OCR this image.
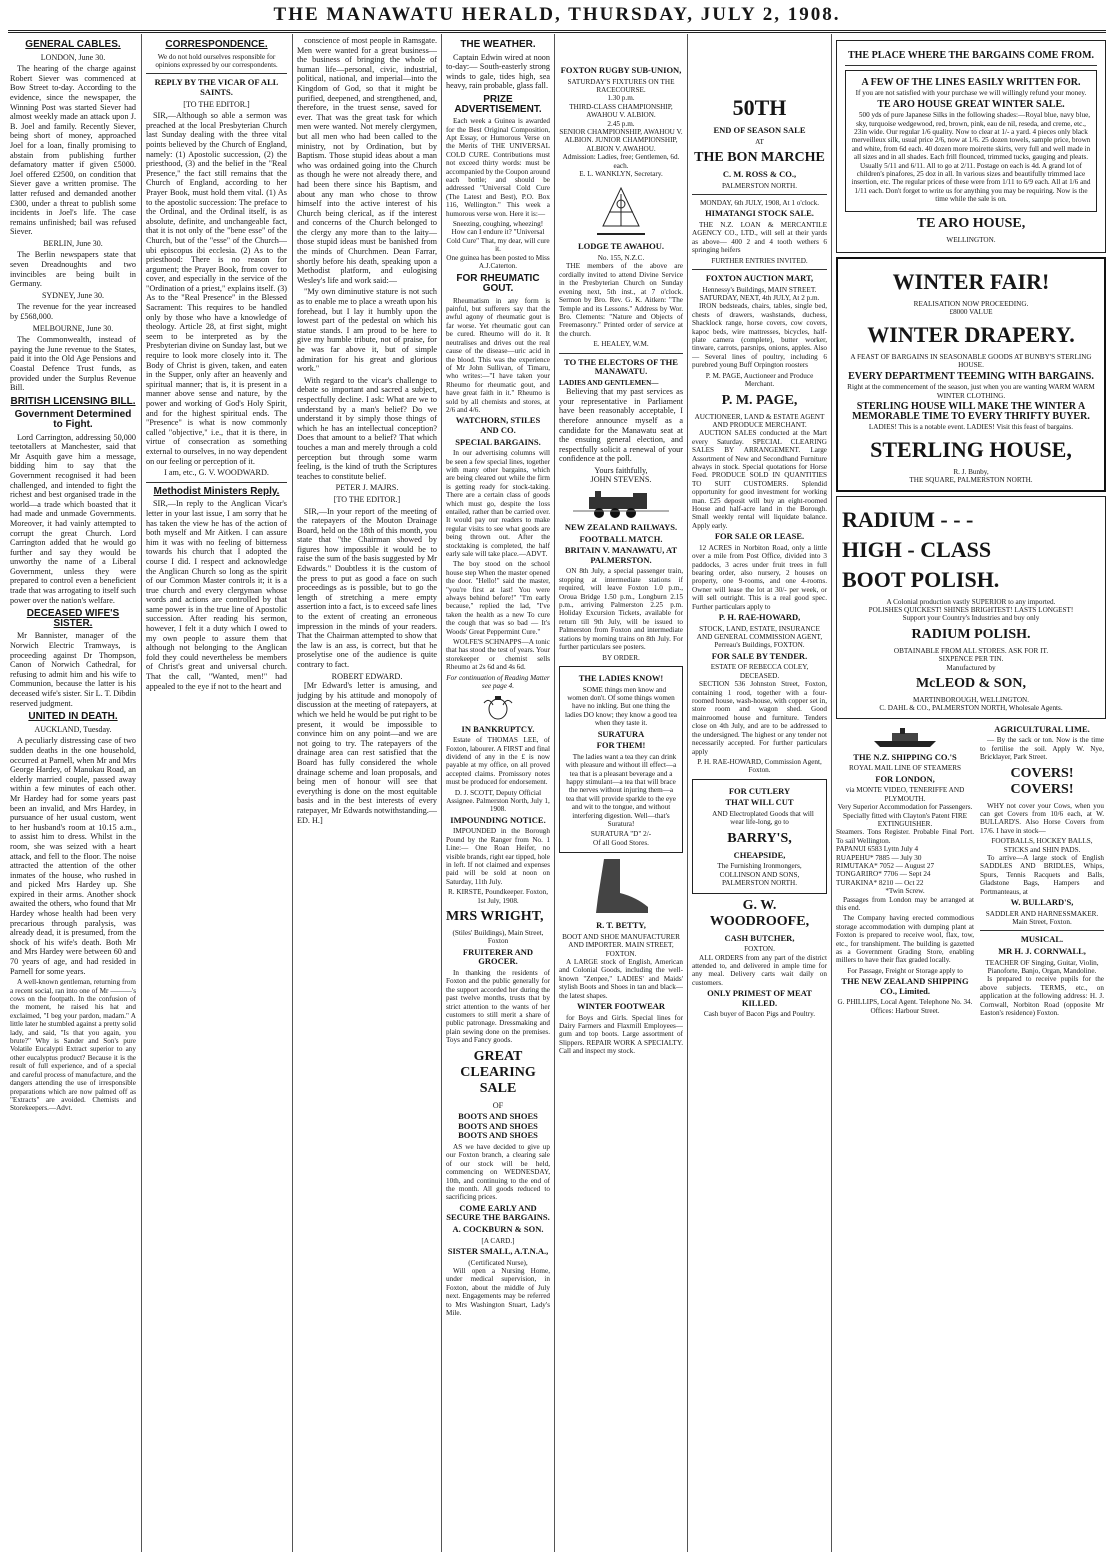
THE MANAWATU HERALD, THURSDAY, JULY 2, 1908.
GENERAL CABLES.
LONDON, June 30.

The hearing of the charge against Robert Siever was commenced at Bow Street to-day. According to the evidence, since the newspaper, the Winning Post was started Siever had almost weekly made an attack upon J. B. Joel and family. Recently Siever, being short of money, approached Joel for a loan, finally promising to abstain from publishing further defamatory matter if given £5000. Joel offered £2500, on condition that Siever gave a written promise. The latter refused and demanded another £300, under a threat to publish some incidents in Joel's life. The case remains unfinished; bail was refused Siever.

BERLIN, June 30.

The Berlin newspapers state that seven Dreadnoughts and two invincibles are being built in Germany.

SYDNEY, June 30.

The revenue for the year increased by £568,000.

MELBOURNE, June 30.

The Commonwealth, instead of paying the June revenue to the States, paid it into the Old Age Pensions and Coastal Defence Trust funds, as provided under the Surplus Revenue Bill.

BRITISH LICENSING BILL.
Government Determined to Fight.

Lord Carrington, addressing 50,000 teetotallers at Manchester, said that Mr Asquith gave him a message, bidding him to say that the Government recognised it had been challenged, and intended to fight the richest and best organised trade in the world—a trade which boasted that it had made and unmade Governments. Moreover, it had vainly attempted to corrupt the great Church. Lord Carrington added that he would go further and say they would be unworthy the name of a Liberal Government, unless they were prepared to control even a beneficient trade that was arrogating to itself such power over the nation's welfare.

DECEASED WIFE'S SISTER.

Mr Bannister, manager of the Norwich Electric Tramways, is proceeding against Dr Thompson, Canon of Norwich Cathedral, for refusing to admit him and his wife to Communion, because the latter is his deceased wife's sister. Sir L. T. Dibdin reserved judgment.

UNITED IN DEATH.
AUCKLAND, Tuesday.

A peculiarly distressing case of two sudden deaths in the one household, occurred at Parnell, when Mr and Mrs George Hardey, of Manukau Road, an elderly married couple, passed away within a few minutes of each other. Mr Hardey had for some years past been an invalid, and Mrs Hardey, in pursuance of her usual custom, went to her husband's room at 10.15 a.m., to assist him to dress. Whilst in the room, she was seized with a heart attack, and fell to the floor. The noise attracted the attention of the other inmates of the house, who rushed in and picked Mrs Hardey up. She expired in their arms. Another shock awaited the others, who found that Mr Hardey whose health had been very precarious through paralysis, was already dead, it is presumed, from the shock of his wife's death. Both Mr and Mrs Hardey were between 60 and 70 years of age, and had resided in Parnell for some years.

A well-known gentleman, returning from a recent social, ran into one of Mr ———'s cows on the footpath. In the confusion of the moment, he raised his hat and exclaimed, "I beg your pardon, madam." A little later he stumbled against a pretty solid lady, and said, "Is that you again, you brute?" Why is Sander and Son's pure Volatile Eucalypti Extract superior to any other eucalyptus product? Because it is the result of full experience, and of a special and careful process of manufacture, and the dangers attending the use of irresponsible preparations which are now palmed off as "Extracts" are avoided. Chemists and Storekeepers.—Advt.

CORRESPONDENCE.
We do not hold ourselves responsible for opinions expressed by our correspondents.
REPLY BY THE VICAR OF ALL SAINTS.
[TO THE EDITOR.]

SIR,—Although so able a sermon was preached at the local Presbyterian Church last Sunday dealing with the three vital points believed by the Church of England, namely: (1) Apostolic succession, (2) the priesthood, (3) and the belief in the "Real Presence," the fact still remains that the Church of England, according to her Prayer Book, must hold them vital. (1) As to the apostolic succession: The preface to the Ordinal, and the Ordinal itself, is as absolute, definite, and unchangeable fact, that it is not only of the "bene esse" of the Church, but of the "esse" of the Church—ubi episcopus ibi ecclesia. (2) As to the priesthood: There is no reason for argument; the Prayer Book, from cover to cover, and especially in the service of the "Ordination of a priest," explains itself. (3) As to the "Real Presence" in the Blessed Sacrament: This requires to be handled only by those who have a knowledge of theology. Article 28, at first sight, might seem to be interpreted as by the Presbyterian divine on Sunday last, but we require to look more closely into it. The Body of Christ is given, taken, and eaten in the Supper, only after an heavenly and spiritual manner; that is, it is present in a manner above sense and nature, by the power and working of God's Holy Spirit, and for the highest spiritual ends. The "Presence" is what is now commonly called "objective," i.e., that it is there, in virtue of consecration as something external to ourselves, in no way dependent on our feeling or perception of it.

I am, etc., G. V. WOODWARD.
Methodist Ministers Reply.

SIR,—In reply to the Anglican Vicar's letter in your last issue, I am sorry that he has taken the view he has of the action of both myself and Mr Aitken. I can assure him it was with no feeling of bitterness towards his church that I adopted the course I did. I respect and acknowledge the Anglican Church so long as the spirit of our Common Master controls it; it is a true church and every clergyman whose words and actions are controlled by that same power is in the true line of Apostolic succession. After reading his sermon, however, I felt it a duty which I owed to my own people to assure them that although not belonging to the Anglican fold they could nevertheless be members of Christ's great and universal church. That the call, "Wanted, men!" had appealed to the eye if not to the heart and

conscience of most people in Ramsgate. Men were wanted for a great business—the business of bringing the whole of human life—personal, civic, industrial, political, national, and imperial—into the Kingdom of God, so that it might be purified, deepened, and strengthened, and, therefore, in the truest sense, saved for ever. That was the great task for which men were wanted. Not merely clergymen, but all men who had been called to the ministry, not by Ordination, but by Baptism. Those stupid ideas about a man who was ordained going into the Church as though he were not already there, and had been there since his Baptism, and about any man who chose to throw himself into the active interest of his Church being clerical, as if the interest and concerns of the Church belonged to the clergy any more than to the laity—those stupid ideas must be banished from the minds of Churchmen. Dean Farrar, shortly before his death, speaking upon a Methodist platform, and eulogising Wesley's life and work said:—

"My own diminutive stature is not such as to enable me to place a wreath upon his forehead, but I lay it humbly upon the lowest part of the pedestal on which his statue stands. I am proud to be here to give my humble tribute, not of praise, for he was far above it, but of simple admiration for his great and glorious work."

With regard to the vicar's challenge to debate so important and sacred a subject, respectfully decline. I ask: What are we to understand by a man's belief? Do we understand it by simply those things of which he has an intellectual conception? Does that amount to a belief? That which touches a man and merely through a cold perception but through some warm feeling, is the kind of truth the Scriptures teaches to constitute belief.

PETER J. MAJRS.
[TO THE EDITOR.]

SIR,—In your report of the meeting of the ratepayers of the Mouton Drainage Board, held on the 18th of this month, you state that "the Chairman showed by figures how impossible it would be to raise the sum of the basis suggested by Mr Edwards." Doubtless it is the custom of the press to put as good a face on such proceedings as is possible, but to go the length of stretching a mere empty assertion into a fact, is to exceed safe lines to the extent of creating an erroneous impression in the minds of your readers. That the Chairman attempted to show that the law is an ass, is correct, but that he proselytise one of the audience is quite contrary to fact.

ROBERT EDWARD.

[Mr Edward's letter is amusing, and judging by his attitude and monopoly of discussion at the meeting of ratepayers, at which we held he would be put right to be present, it would be impossible to convince him on any point—and we are not going to try. The ratepayers of the drainage area can rest satisfied that the Board has fully considered the whole drainage scheme and loan proposals, and being men of honour will see that everything is done on the most equitable basis and in the best interests of every ratepayer, Mr Edwards notwithstanding.—ED. H.]

THE WEATHER.

Captain Edwin wired at noon to-day:— South-easterly strong winds to gale, tides high, sea heavy, rain probable, glass fall.

PRIZE ADVERTISEMENT.

Each week a Guinea is awarded for the Best Original Composition, Apt Essay, or Humorous Verse on the Merits of THE UNIVERSAL COLD CURE. Contributions must not exceed thirty words: must be accompanied by the Coupon around each bottle; and should be addressed "Universal Cold Cure (The Latest and Best), P.O. Box 116, Wellington." This week a humorous verse won. Here it is:—

Sneezing, coughing, wheezing! How can I endure it? "Universal Cold Cure" That, my dear, will cure it.
One guinea has been posted to Miss A.J.Caterton.
FOR RHEUMATIC GOUT.

Rheumatism in any form is painful, but sufferers say that the awful agony of rheumatic gout is far worse. Yet rheumatic gout can be cured. Rheumo will do it. It neutralises and drives out the real cause of the disease—uric acid in the blood. This was the experience of Mr John Sullivan, of Timaru, who writes:—"I have taken your Rheumo for rheumatic gout, and have great faith in it." Rheumo is sold by all chemists and stores, at 2/6 and 4/6.

WATCHORN, STILES AND CO.
SPECIAL BARGAINS.

In our advertising columns will be seen a few special lines, together with many other bargains, which are being cleared out while the firm is getting ready for stock-taking. There are a certain class of goods which must go, despite the loss entailed, rather than be carried over. It would pay our readers to make regular visits to see what goods are being thrown out. After the stocktaking is completed, the half early sale will take place.—ADVT.

The boy stood on the school house step When the master opened the door. "Hello!" said the master, "you're first at last! You were always behind before!" "I'm early because," replied the lad, "I've taken the health as a new To cure the cough that was so bad — It's Woods' Great Peppermint Cure."

WOLFE'S SCHNAPPS—A tonic that has stood the test of years. Your storekeeper or chemist sells Rheumo at 2s 6d and 4s 6d.

For continuation of Reading Matter see page 4.
IN BANKRUPTCY.

Estate of THOMAS LEE, of Foxton, labourer. A FIRST and final dividend of any in the £ is now payable at my office, on all proved accepted claims. Promissory notes must be produced for endorsement.

D. J. SCOTT, Deputy Official Assignee. Palmerston North, July 1, 1908.
IMPOUNDING NOTICE.

IMPOUNDED in the Borough Pound by the Ranger from No. 1 Line:— One Roan Heifer, no visible brands, right ear tipped, hole in left. If not claimed and expenses paid will be sold at noon on Saturday, 11th July.

R. KIRSTE, Poundkeeper. Foxton, 1st July, 1908.
MRS WRIGHT,
(Stiles' Buildings), Main Street, Foxton
FRUITERER AND GROCER.

In thanking the residents of Foxton and the public generally for the support accorded her during the past twelve months, trusts that by strict attention to the wants of her customers to still merit a share of public patronage. Dressmaking and plain sewing done on the premises. Toys and Fancy goods.

GREAT CLEARING SALE
OF
BOOTS AND SHOES BOOTS AND SHOES BOOTS AND SHOES

AS we have decided to give up our Foxton branch, a clearing sale of our stock will be held, commencing on WEDNESDAY, 10th, and continuing to the end of the month. All goods reduced to sacrificing prices.

COME EARLY AND SECURE THE BARGAINS.
A. COCKBURN & SON.
[A CARD.]
SISTER SMALL, A.T.N.A.,
(Certificated Nurse),

Will open a Nursing Home, under medical supervision, in Foxton, about the middle of July next. Engagements may be referred to Mrs Washington Stuart, Lady's Mile.

FOXTON RUGBY SUB-UNION,
SATURDAY'S FIXTURES ON THE RACECOURSE.
1.30 p.m.
THIRD-CLASS CHAMPIONSHIP, AWAHOU V. ALBION.
2.45 p.m.
SENIOR CHAMPIONSHIP, AWAHOU V. ALBION. JUNIOR CHAMPIONSHIP, ALBION V. AWAHOU.
Admission: Ladies, free; Gentlemen, 6d. each.
E. L. WANKLYN, Secretary.
LODGE TE AWAHOU.
No. 155, N.Z.C.

THE members of the above are cordially invited to attend Divine Service in the Presbyterian Church on Sunday evening next, 5th inst., at 7 o'clock. Sermon by Bro. Rev. G. K. Aitken: "The Temple and its Lessons." Address by Wor. Bro. Clements: "Nature and Objects of Freemasonry." Printed order of service at the church.

E. HEALEY, W.M.
TO THE ELECTORS OF THE MANAWATU.
LADIES AND GENTLEMEN—

Believing that my past services as your representative in Parliament have been reasonably acceptable, I therefore announce myself as a candidate for the Manawatu seat at the ensuing general election, and respectfully solicit a renewal of your confidence at the poll.

Yours faithfully,
JOHN STEVENS.
NEW ZEALAND RAILWAYS.
FOOTBALL MATCH.
BRITAIN V. MANAWATU, AT PALMERSTON.

ON 8th July, a special passenger train, stopping at intermediate stations if required, will leave Foxton 1.0 p.m., Oroua Bridge 1.50 p.m., Longburn 2.15 p.m., arriving Palmerston 2.25 p.m. Holiday Excursion Tickets, available for return till 9th July, will be issued to Palmerston from Foxton and intermediate stations by morning trains on 8th July. For further particulars see posters.

BY ORDER.
THE LADIES KNOW!

SOME things men know and women don't. Of some things women have no inkling. But one thing the ladies DO know; they know a good tea when they taste it.

SURATURA
FOR THEM!

The ladies want a tea they can drink with pleasure and without ill effect—a tea that is a pleasant beverage and a happy stimulant—a tea that will brace the nerves without injuring them—a tea that will provide sparkle to the eye and wit to the tongue, and without interfering digestion. Well—that's Suratura!

SURATURA "D" 2/-
Of all Good Stores.
R. T. BETTY,
BOOT AND SHOE MANUFACTURER AND IMPORTER. MAIN STREET, FOXTON.

A LARGE stock of English, American and Colonial Goods, including the well-known "Zenpee," LADIES' and Maids' stylish Boots and Shoes in tan and black—the latest shapes.

WINTER FOOTWEAR

for Boys and Girls. Special lines for Dairy Farmers and Flaxmill Employees—gum and top boots. Large assortment of Slippers. REPAIR WORK A SPECIALTY. Call and inspect my stock.

50TH
END OF SEASON SALE
AT
THE BON MARCHE
C. M. ROSS & CO.,
PALMERSTON NORTH.
MONDAY, 6th JULY, 1908, At 1 o'clock.
HIMATANGI STOCK SALE.

THE N.Z. LOAN & MERCANTILE AGENCY CO., LTD., will sell at their yards as above— 400 2 and 4 tooth wethers 6 springing heifers

FURTHER ENTRIES INVITED.
FOXTON AUCTION MART,
Hennessy's Buildings, MAIN STREET.
SATURDAY, NEXT, 4th JULY, At 2 p.m.

IRON bedsteads, chairs, tables, single bed, chests of drawers, washstands, duchess, Shacklock range, horse covers, cow covers, kapoc beds, wire mattresses, bicycles, half-plate camera (complete), butter worker, tinware, carrots, parsnips, onions, apples. Also— Several lines of poultry, including 6 purebred young Buff Orpington roosters

P. M. PAGE, Auctioneer and Produce Merchant.
P. M. PAGE,
AUCTIONEER, LAND & ESTATE AGENT AND PRODUCE MERCHANT.

AUCTION SALES conducted at the Mart every Saturday. SPECIAL CLEARING SALES BY ARRANGEMENT. Large Assortment of New and Secondhand Furniture always in stock. Special quotations for Horse Feed. PRODUCE SOLD IN QUANTITIES TO SUIT CUSTOMERS. Splendid opportunity for good investment for working man. £25 deposit will buy an eight-roomed House and half-acre land in the Borough. Small weekly rental will liquidate balance. Apply early.

FOR SALE OR LEASE.

12 ACRES in Norbiton Road, only a little over a mile from Post Office, divided into 3 paddocks, 3 acres under fruit trees in full bearing order, also nursery, 2 houses on property, one 9-rooms, and one 4-rooms. Owner will lease the lot at 30/- per week, or will sell outright. This is a real good spec. Further particulars apply to

P. H. RAE-HOWARD,
STOCK, LAND, ESTATE, INSURANCE AND GENERAL COMMISSION AGENT,
Perreau's Buildings, FOXTON.
FOR SALE BY TENDER.
ESTATE OF REBECCA COLEY, DECEASED.

SECTION 536 Johnston Street, Foxton, containing 1 rood, together with a four-roomed house, wash-house, with copper set in, store room and wagon shed. Good mainroomed house and furniture. Tenders close on 4th July, and are to be addressed to the undersigned. The highest or any tender not necessarily accepted. For further particulars apply

P. H. RAE-HOWARD, Commission Agent, Foxton.
FOR CUTLERY
THAT WILL CUT

AND Electroplated Goods that will wear life-long, go to

BARRY'S,
CHEAPSIDE,
The Furnishing Ironmongers, COLLINSON AND SONS, PALMERSTON NORTH.
G. W. WOODROOFE,
CASH BUTCHER,
FOXTON.

ALL ORDERS from any part of the district attended to, and delivered in ample time for any meal. Delivery carts wait daily on customers.

ONLY PRIMEST OF MEAT KILLED.
Cash buyer of Bacon Pigs and Poultry.
THE PLACE WHERE THE BARGAINS COME FROM.
A FEW OF THE LINES EASILY WRITTEN FOR.
If you are not satisfied with your purchase we will willingly refund your money.
TE ARO HOUSE GREAT WINTER SALE.

500 yds of pure Japanese Silks in the following shades:—Royal blue, navy blue, sky, turquoise wedgewood, red, brown, pink, eau de nil, reseda, and creme, etc., 23in wide. Our regular 1/6 quality. Now to clear at 1/- a yard. 4 pieces only black merveilleux silk, usual price 2/6, now at 1/6. 25 dozen towels, sample price, brown and white, from 6d each. 40 dozen more moirette skirts, very full and well made in all sizes and in all shades. Each frill flounced, trimmed tucks, gauging and pleats. Usually 5/11 and 6/11. All to go at 2/11. Postage on each is 4d. A grand lot of children's pinafores, 25 doz in all. In various sizes and beautifully trimmed lace insertion, etc. The regular prices of these were from 1/11 to 6/9 each. All at 1/6 and 1/11 each. Don't forget to write us for anything you may be requiring. Now is the time while the sale is on.

TE ARO HOUSE,
WELLINGTON.
WINTER FAIR!
REALISATION NOW PROCEEDING.
£8000 VALUE
WINTER DRAPERY.
A FEAST OF BARGAINS IN SEASONABLE GOODS AT BUNBY'S STERLING HOUSE.
EVERY DEPARTMENT TEEMING WITH BARGAINS.
Right at the commencement of the season, just when you are wanting WARM WARM WINTER CLOTHING.
STERLING HOUSE WILL MAKE THE WINTER A MEMORABLE TIME TO EVERY THRIFTY BUYER.
LADIES! This is a notable event. LADIES! Visit this feast of bargains.
STERLING HOUSE,
R. J. Bunby,
THE SQUARE, PALMERSTON NORTH.
RADIUM - - -
HIGH - CLASS
BOOT POLISH.
A Colonial production vastly SUPERIOR to any imported.
POLISHES QUICKEST! SHINES BRIGHTEST! LASTS LONGEST!
Support your Country's Industries and buy only
RADIUM POLISH.
OBTAINABLE FROM ALL STORES. ASK FOR IT.
SIXPENCE PER TIN.
Manufactured by
McLEOD & SON,
MARTINBOROUGH, WELLINGTON.
C. DAHL & CO., PALMERSTON NORTH, Wholesale Agents.
THE N.Z. SHIPPING CO.'S
ROYAL MAIL LINE OF STEAMERS
FOR LONDON,
via MONTE VIDEO, TENERIFFE AND PLYMOUTH.
Very Superior Accommodation for Passengers. Specially fitted with Clayton's Patent FIRE EXTINGUISHER.
Steamers. Tons Register. Probable Final Port. To sail Wellington.
PAPANUI 6583 Lyttn July 4
RUAPEHU* 7885 — July 30
RIMUTAKA* 7052 — August 27
TONGARIRO* 7706 — Sept 24
TURAKINA* 8210 — Oct 22
*Twin Screw.

Passages from London may be arranged at this end.

The Company having erected commodious storage accommodation with dumping plant at Foxton is prepared to receive wool, flax, tow, etc., for transhipment. The building is gazetted as a Government Grading Store, enabling millers to have their flax graded locally.

For Passage, Freight or Storage apply to
THE NEW ZEALAND SHIPPING CO., Limited.
G. PHILLIPS, Local Agent. Telephone No. 34. Offices: Harbour Street.
AGRICULTURAL LIME.

— By the sack or ton. Now is the time to fertilise the soil. Apply W. Nye, Bricklayer, Park Street.

COVERS! COVERS!

WHY not cover your Cows, when you can get Covers from 10/6 each, at W. BULLARD'S. Also Horse Covers from 17/6. I have in stock—

FOOTBALLS, HOCKEY BALLS, STICKS and SHIN PADS.

To arrive—A large stock of English SADDLES AND BRIDLES, Whips, Spurs, Tennis Racquets and Balls, Gladstone Bags, Hampers and Portmanteaus, at

W. BULLARD'S,
SADDLER AND HARNESSMAKER.
Main Street, Foxton.
MUSICAL.
MR H. J. CORNWALL,
TEACHER OF Singing, Guitar, Violin, Pianoforte, Banjo, Organ, Mandoline.

Is prepared to receive pupils for the above subjects. TERMS, etc., on application at the following address: H. J. Cornwall, Norbiton Road (opposite Mr Easton's residence) Foxton.
